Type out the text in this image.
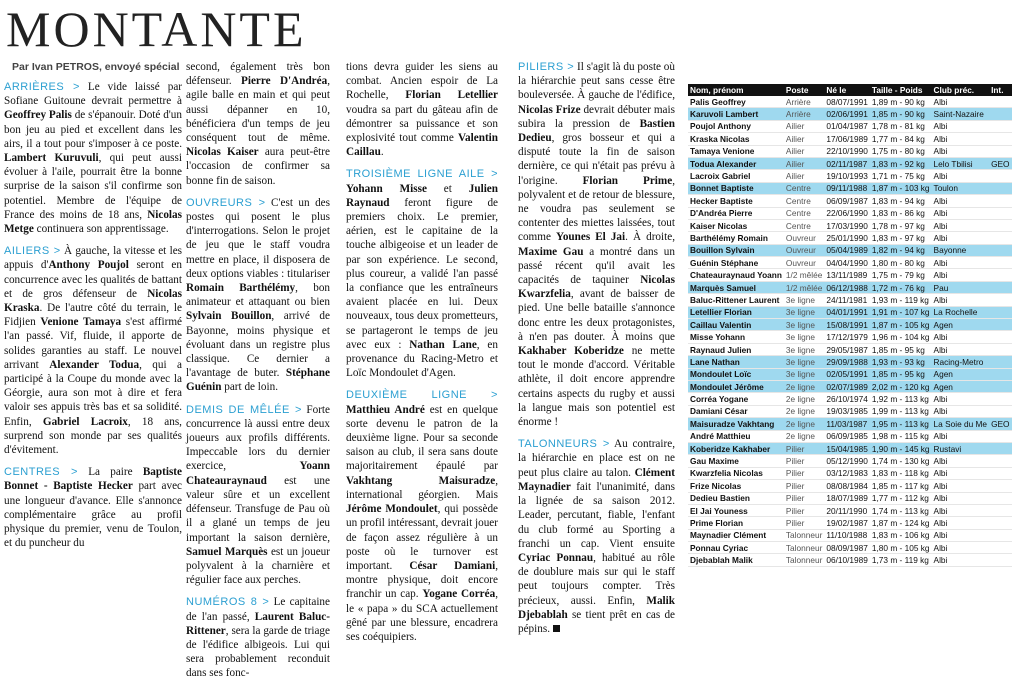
MONTANTE
Par Ivan PETROS, envoyé spécial

ARRIÈRES > Le vide laissé par Sofiane Guitoune devrait permettre à Geoffrey Palis de s'épanouir. Doté d'un bon jeu au pied et excellent dans les airs, il a tout pour s'imposer à ce poste. Lambert Kuruvuli, qui peut aussi évoluer à l'aile, pourrait être la bonne surprise de la saison s'il confirme son potentiel. Membre de l'équipe de France des moins de 18 ans, Nicolas Metge continuera son apprentissage.

AILIERS > À gauche, la vitesse et les appuis d'Anthony Poujol seront en concurrence avec les qualités de battant et de gros défenseur de Nicolas Kraska. De l'autre côté du terrain, le Fidjien Venione Tamaya s'est affirmé l'an passé. Vif, fluide, il apporte de solides garanties au staff. Le nouvel arrivant Alexander Toduа, qui a participé à la Coupe du monde avec la Géorgie, aura son mot à dire et fera valoir ses appuis très bas et sa solidité. Enfin, Gabriel Lacroix, 18 ans, surprend son monde par ses qualités d'évitement.

CENTRES > La paire Baptiste Bonnet - Baptiste Hecker part avec une longueur d'avance. Elle s'annonce complémentaire grâce au profil physique du premier, venu de Toulon, et du puncheur du

second, également très bon défenseur. Pierre D'Andréa, agile balle en main et qui peut aussi dépanner en 10, bénéficiera d'un temps de jeu conséquent tout de même. Nicolas Kaiser aura peut-être l'occasion de confirmer sa bonne fin de saison.

OUVREURS > C'est un des postes qui posent le plus d'interrogations. Selon le projet de jeu que le staff voudra mettre en place, il disposera de deux options viables : titulariser Romain Barthélémy, bon animateur et attaquant ou bien Sylvain Bouillon, arrivé de Bayonne, moins physique et évoluant dans un registre plus classique. Ce dernier a l'avantage de buter. Stéphane Guénin part de loin.

DEMIS DE MÊLÉE > Forte concurrence là aussi entre deux joueurs aux profils différents. Impeccable lors du dernier exercice, Yoann Chateauraynaud est une valeur sûre et un excellent défenseur. Transfuge de Pau où il a glané un temps de jeu important la saison dernière, Samuel Marquès est un joueur polyvalent à la charnière et régulier face aux perches.

NUMÉROS 8 > Le capitaine de l'an passé, Laurent Baluc-Rittener, sera la garde de triage de l'édifice albigeois. Lui qui sera probablement reconduit dans ses fonc-

tions devra guider les siens au combat. Ancien espoir de La Rochelle, Florian Letellier voudra sa part du gâteau afin de démontrer sa puissance et son explosivité tout comme Valentin Caillau.

TROISIÈME LIGNE AILE > Yohann Misse et Julien Raynaud feront figure de premiers choix. Le premier, aérien, est le capitaine de la touche albigeoise et un leader de par son expérience. Le second, plus coureur, a validé l'an passé la confiance que les entraîneurs avaient placée en lui. Deux nouveaux, tous deux prometteurs, se partageront le temps de jeu avec eux : Nathan Lane, en provenance du Racing-Metro et Loïc Mondoulet d'Agen.

DEUXIÈME LIGNE > Matthieu André est en quelque sorte devenu le patron de la deuxième ligne. Pour sa seconde saison au club, il sera sans doute majoritairement épaulé par Vakhtang Maisuradze, international géorgien. Mais Jérôme Mondoulet, qui possède un profil intéressant, devrait jouer de façon assez régulière à un poste où le turnover est important. César Damiani, montre physique, doit encore franchir un cap. Yogane Corréa, le « papa » du SCA actuellement gêné par une blessure, encadrera ses coéquipiers.

PILIERS > Il s'agit là du poste où la hiérarchie peut sans cesse être bouleversée. À gauche de l'édifice, Nicolas Frize devrait débuter mais subira la pression de Bastien Dedieu, gros bosseur et qui a disputé toute la fin de saison dernière, ce qui n'était pas prévu à l'origine. Florian Prime, polyvalent et de retour de blessure, ne voudra pas seulement se contenter des miettes laissées, tout comme Younes El Jai. À droite, Maxime Gau a montré dans un passé récent qu'il avait les capacités de taquiner Nicolas Kwarzfelia, avant de baisser de pied. Une belle bataille s'annonce donc entre les deux protagonistes, à n'en pas douter. À moins que Kakhaber Koberidze ne mette tout le monde d'accord. Véritable athlète, il doit encore apprendre certains aspects du rugby et aussi la langue mais son potentiel est énorme !

TALONNEURS > Au contraire, la hiérarchie en place est on ne peut plus claire au talon. Clément Maynadier fait l'unanimité, dans la lignée de sa saison 2012. Leader, percutant, fiable, l'enfant du club formé au Sporting a franchi un cap. Vient ensuite Cyriac Ponnau, habitué au rôle de doublure mais sur qui le staff peut toujours compter. Très précieux, aussi. Enfin, Malik Djebablah se tient prêt en cas de pépins.

Nom, prénom	Poste	Né le	Taille - Poids	Club préc.	Int.
Palis Geoffrey	Arrière	08/07/1991	1,89 m - 90 kg	Albi	
Karuvoli Lambert	Arrière	02/06/1991	1,85 m - 90 kg	Saint-Nazaire	
Poujol Anthony	Ailier	01/04/1987	1,78 m - 81 kg	Albi	
Kraska Nicolas	Ailier	17/06/1989	1,77 m - 84 kg	Albi	
Tamaya Venione	Ailier	22/10/1990	1,75 m - 80 kg	Albi	
Todua Alexander	Ailier	02/11/1987	1,83 m - 92 kg	Lelo Tbilisi	GEO
Lacroix Gabriel	Ailier	19/10/1993	1,71 m - 75 kg	Albi	
Bonnet Baptiste	Centre	09/11/1988	1,87 m - 103 kg	Toulon	
Hecker Baptiste	Centre	06/09/1987	1,83 m - 94 kg	Albi	
D'Andréa Pierre	Centre	22/06/1990	1,83 m - 86 kg	Albi	
Kaiser Nicolas	Centre	17/03/1990	1,78 m - 97 kg	Albi	
Barthélémy Romain	Ouvreur	25/01/1990	1,83 m - 97 kg	Albi	
Bouillon Sylvain	Ouvreur	05/04/1989	1,82 m - 94 kg	Bayonne	
Guénin Stéphane	Ouvreur	04/04/1990	1,80 m - 80 kg	Albi	
Chateauraynaud Yoann	1/2 mêlée	13/11/1989	1,75 m - 79 kg	Albi	
Marquès Samuel	1/2 mêlée	06/12/1988	1,72 m - 76 kg	Pau	
Baluc-Rittener Laurent	3e ligne	24/11/1981	1,93 m - 119 kg	Albi	
Letellier Florian	3e ligne	04/01/1991	1,91 m - 107 kg	La Rochelle	
Caillau Valentin	3e ligne	15/08/1991	1,87 m - 105 kg	Agen	
Misse Yohann	3e ligne	17/12/1979	1,96 m - 104 kg	Albi	
Raynaud Julien	3e ligne	29/05/1987	1,85 m - 95 kg	Albi	
Lane Nathan	3e ligne	29/09/1988	1,93 m - 93 kg	Racing-Metro	
Mondoulet Loïc	3e ligne	02/05/1991	1,85 m - 95 kg	Agen	
Mondoulet Jérôme	2e ligne	02/07/1989	2,02 m - 120 kg	Agen	
Corréa Yogane	2e ligne	26/10/1974	1,92 m - 113 kg	Albi	
Damiani César	2e ligne	19/03/1985	1,99 m - 113 kg	Albi	
Maisuradze Vakhtang	2e ligne	11/03/1987	1,95 m - 113 kg	La Soie du Me	GEO
André Matthieu	2e ligne	06/09/1985	1,98 m - 115 kg	Albi	
Koberidze Kakhaber	Pilier	15/04/1985	1,90 m - 145 kg	Rustavi	
Gau Maxime	Pilier	05/12/1990	1,74 m - 130 kg	Albi	
Kwarzfelia Nicolas	Pilier	03/12/1983	1,83 m - 118 kg	Albi	
Frize Nicolas	Pilier	08/08/1984	1,85 m - 117 kg	Albi	
Dedieu Bastien	Pilier	18/07/1989	1,77 m - 112 kg	Albi	
El Jai Youness	Pilier	20/11/1990	1,74 m - 113 kg	Albi	
Prime Florian	Pilier	19/02/1987	1,87 m - 124 kg	Albi	
Maynadier Clément	Talonneur	11/10/1988	1,83 m - 106 kg	Albi	
Ponnau Cyriac	Talonneur	08/09/1987	1,80 m - 105 kg	Albi	
Djebablah Malik	Talonneur	06/10/1989	1,73 m - 119 kg	Albi	
